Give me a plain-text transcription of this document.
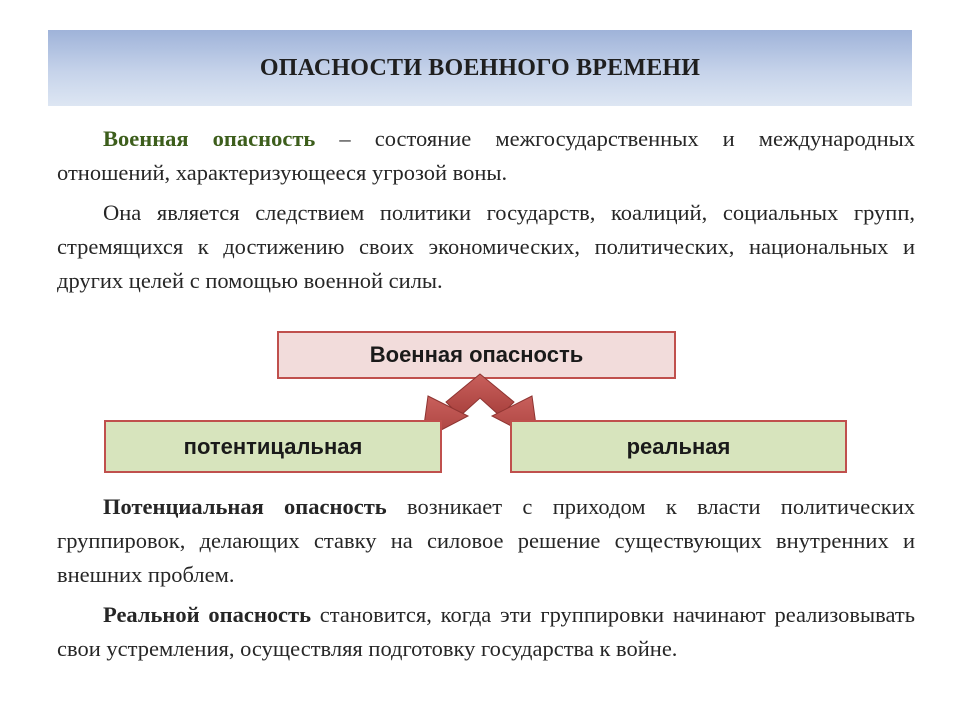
ОПАСНОСТИ ВОЕННОГО ВРЕМЕНИ

Военная опасность – состояние межгосударственных и международных отношений, характеризующееся угрозой воны.

Она является следствием политики государств, коалиций, социальных групп, стремящихся к достижению своих экономических, политических, национальных и других целей с помощью военной силы.

Военная опасность
потентицальная	реальная

Потенциальная опасность возникает с приходом к власти политических группировок, делающих ставку на силовое решение существующих внутренних и внешних проблем.

Реальной опасность становится, когда эти группировки начинают реализовывать свои устремления, осуществляя подготовку государства к войне.
